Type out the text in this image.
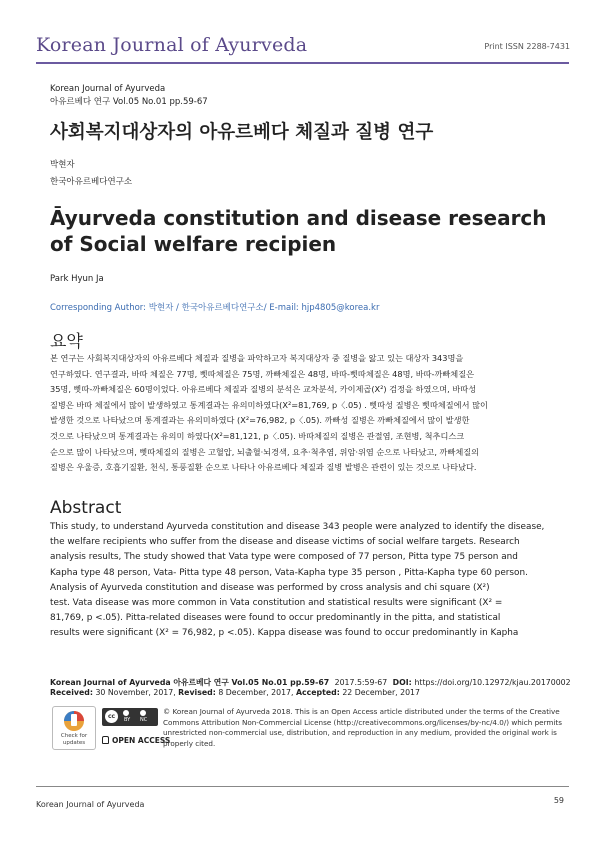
Korean Journal of Ayurveda	Print ISSN 2288-7431
Korean Journal of Ayurveda
아유르베다 연구 Vol.05 No.01 pp.59-67
사회복지대상자의 아유르베다 체질과 질병 연구
박현자
한국아유르베다연구소
Āyurveda constitution and disease research of Social welfare recipien
Park Hyun Ja
Corresponding Author: 박현자 / 한국아유르베다연구소/ E-mail: hjp4805@korea.kr
요약

본 연구는 사회복지대상자의 아유르베다 체질과 질병을 파악하고자 복지대상자 중 질병을 앓고 있는 대상자 343명을
연구하였다. 연구결과, 바따 체질은 77명, 삣따체질은 75명, 까빠체질은 48명, 바따-삣따체질은 48명, 바따-까빠체질은
35명, 삣따-까빠체질은 60명이었다. 아유르베다 체질과 질병의 분석은 교차분석, 카이제곱(X²) 검정을 하였으며, 바따성
질병은 바따 체질에서 많이 발생하였고 통계결과는 유의미하였다(X²=81,769, p〈.05) . 삣따성 질병은 삣따체질에서 많이
발생한 것으로 나타났으며 통계결과는 유의미하였다 (X²=76,982, p〈.05). 까빠성 질병은 까빠체질에서 많이 발생한
것으로 나타났으며 통계결과는 유의미 하였다(X²=81,121, p〈.05). 바따체질의 질병은 관절염, 조현병, 척추디스크
순으로 많이 나타났으며, 삣따체질의 질병은 고혈압, 뇌출혈·뇌경색, 요추·척추염, 위암·위염 순으로 나타났고, 까빠체질의
질병은 우울증, 호흡기질환, 천식, 통풍질환 순으로 나타나 아유르베다 체질과 질병 발병은 관련이 있는 것으로 나타났다.

Abstract

This study, to understand Ayurveda constitution and disease 343 people were analyzed to identify the disease,
the welfare recipients who suffer from the disease and disease victims of social welfare targets. Research
analysis results, The study showed that Vata type were composed of 77 person, Pitta type 75 person and
Kapha type 48 person, Vata- Pitta type 48 person, Vata-Kapha type 35 person , Pitta-Kapha type 60 person.
Analysis of Ayurveda constitution and disease was performed by cross analysis and chi square (X²)
test. Vata disease was more common in Vata constitution and statistical results were significant (X² =
81,769, p <.05). Pitta-related diseases were found to occur predominantly in the pitta, and statistical
results were significant (X² = 76,982, p <.05). Kappa disease was found to occur predominantly in Kapha

Korean Journal of Ayurveda 아유르베다 연구 Vol.05 No.01 pp.59-67 2017.5:59-67 DOI: https://doi.org/10.12972/kjau.20170002
Received: 30 November, 2017, Revised: 8 December, 2017, Accepted: 22 December, 2017
Check for
updates
cc	BY NC
OPEN ACCESS

© Korean Journal of Ayurveda 2018. This is an Open Access article distributed under the terms of the Creative
Commons Attribution Non-Commercial License (http://creativecommons.org/licenses/by-nc/4.0/) which permits
unrestricted non-commercial use, distribution, and reproduction in any medium, provided the original work is
properly cited.

Korean Journal of Ayurveda	59
